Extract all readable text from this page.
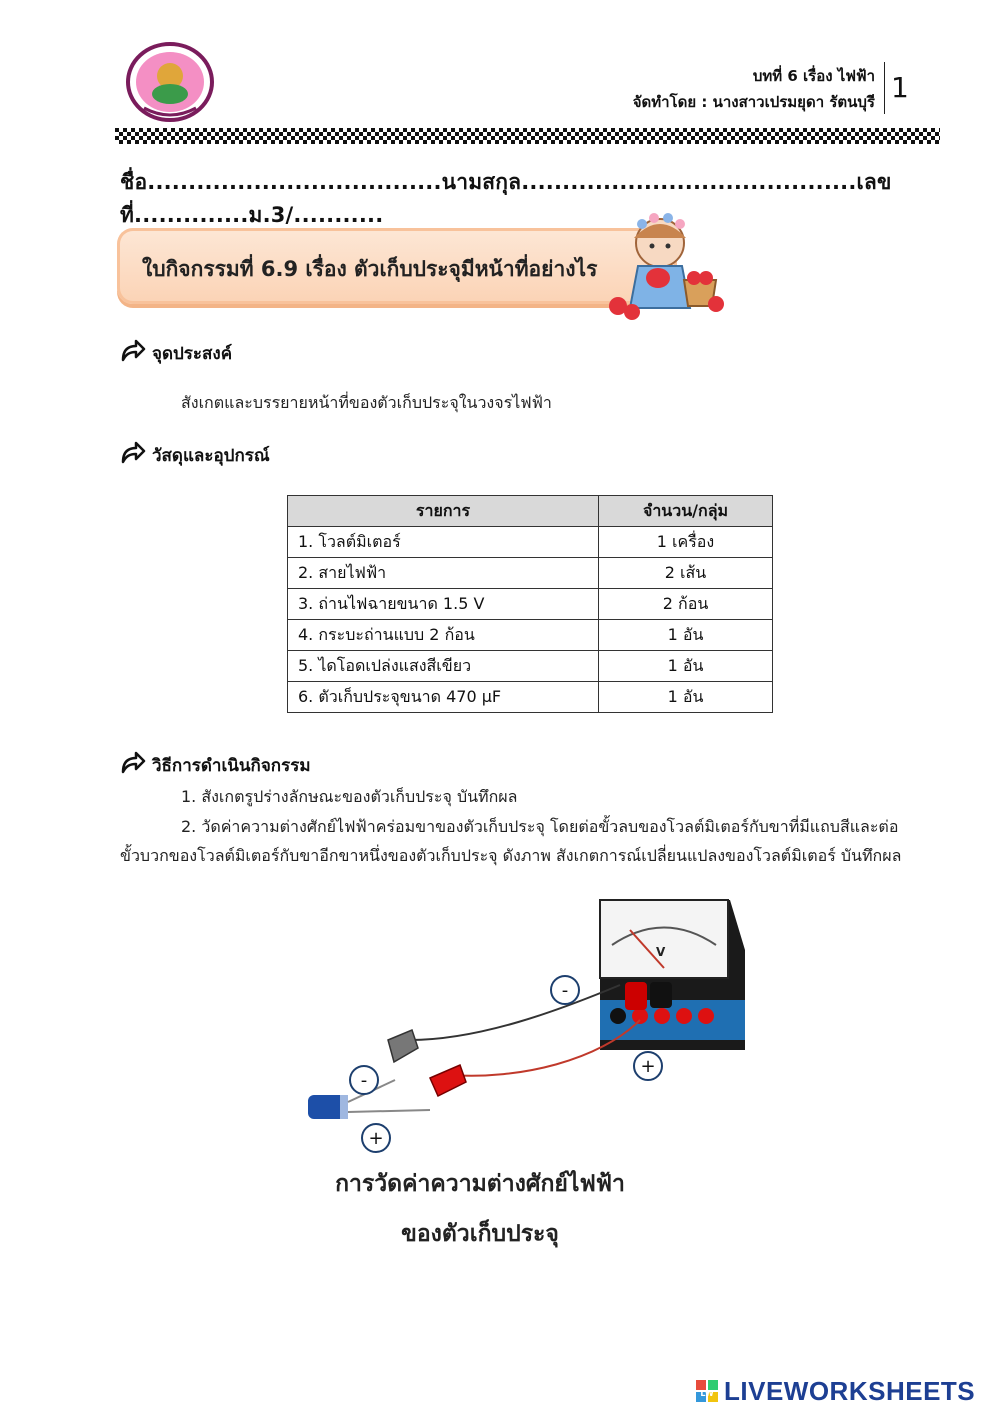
บทที่ 6 เรื่อง ไฟฟ้า
จัดทำโดย : นางสาวเปรมยุดา รัตนบุรี 1
ชื่อ....................................นามสกุล.........................................เลขที่..............ม.3/...........
ใบกิจกรรมที่ 6.9 เรื่อง ตัวเก็บประจุมีหน้าที่อย่างไร
จุดประสงค์
สังเกตและบรรยายหน้าที่ของตัวเก็บประจุในวงจรไฟฟ้า
วัสดุและอุปกรณ์
รายการ	จำนวน/กลุ่ม
1. โวลต์มิเตอร์	1 เครื่อง
2. สายไฟฟ้า	2 เส้น
3. ถ่านไฟฉายขนาด 1.5 V	2 ก้อน
4. กระบะถ่านแบบ 2 ก้อน	1 อัน
5. ไดโอดเปล่งแสงสีเขียว	1 อัน
6. ตัวเก็บประจุขนาด 470 µF	1 อัน
วิธีการดำเนินกิจกรรม
1. สังเกตรูปร่างลักษณะของตัวเก็บประจุ บันทึกผล
2. วัดค่าความต่างศักย์ไฟฟ้าคร่อมขาของตัวเก็บประจุ โดยต่อขั้วลบของโวลต์มิเตอร์กับขาที่มีแถบสีและต่อ
ขั้วบวกของโวลต์มิเตอร์กับขาอีกขาหนึ่งของตัวเก็บประจุ ดังภาพ สังเกตการณ์เปลี่ยนแปลงของโวลต์มิเตอร์ บันทึกผล
V
-
+
-
+
การวัดค่าความต่างศักย์ไฟฟ้า
ของตัวเก็บประจุ
LW LIVEWORKSHEETS
